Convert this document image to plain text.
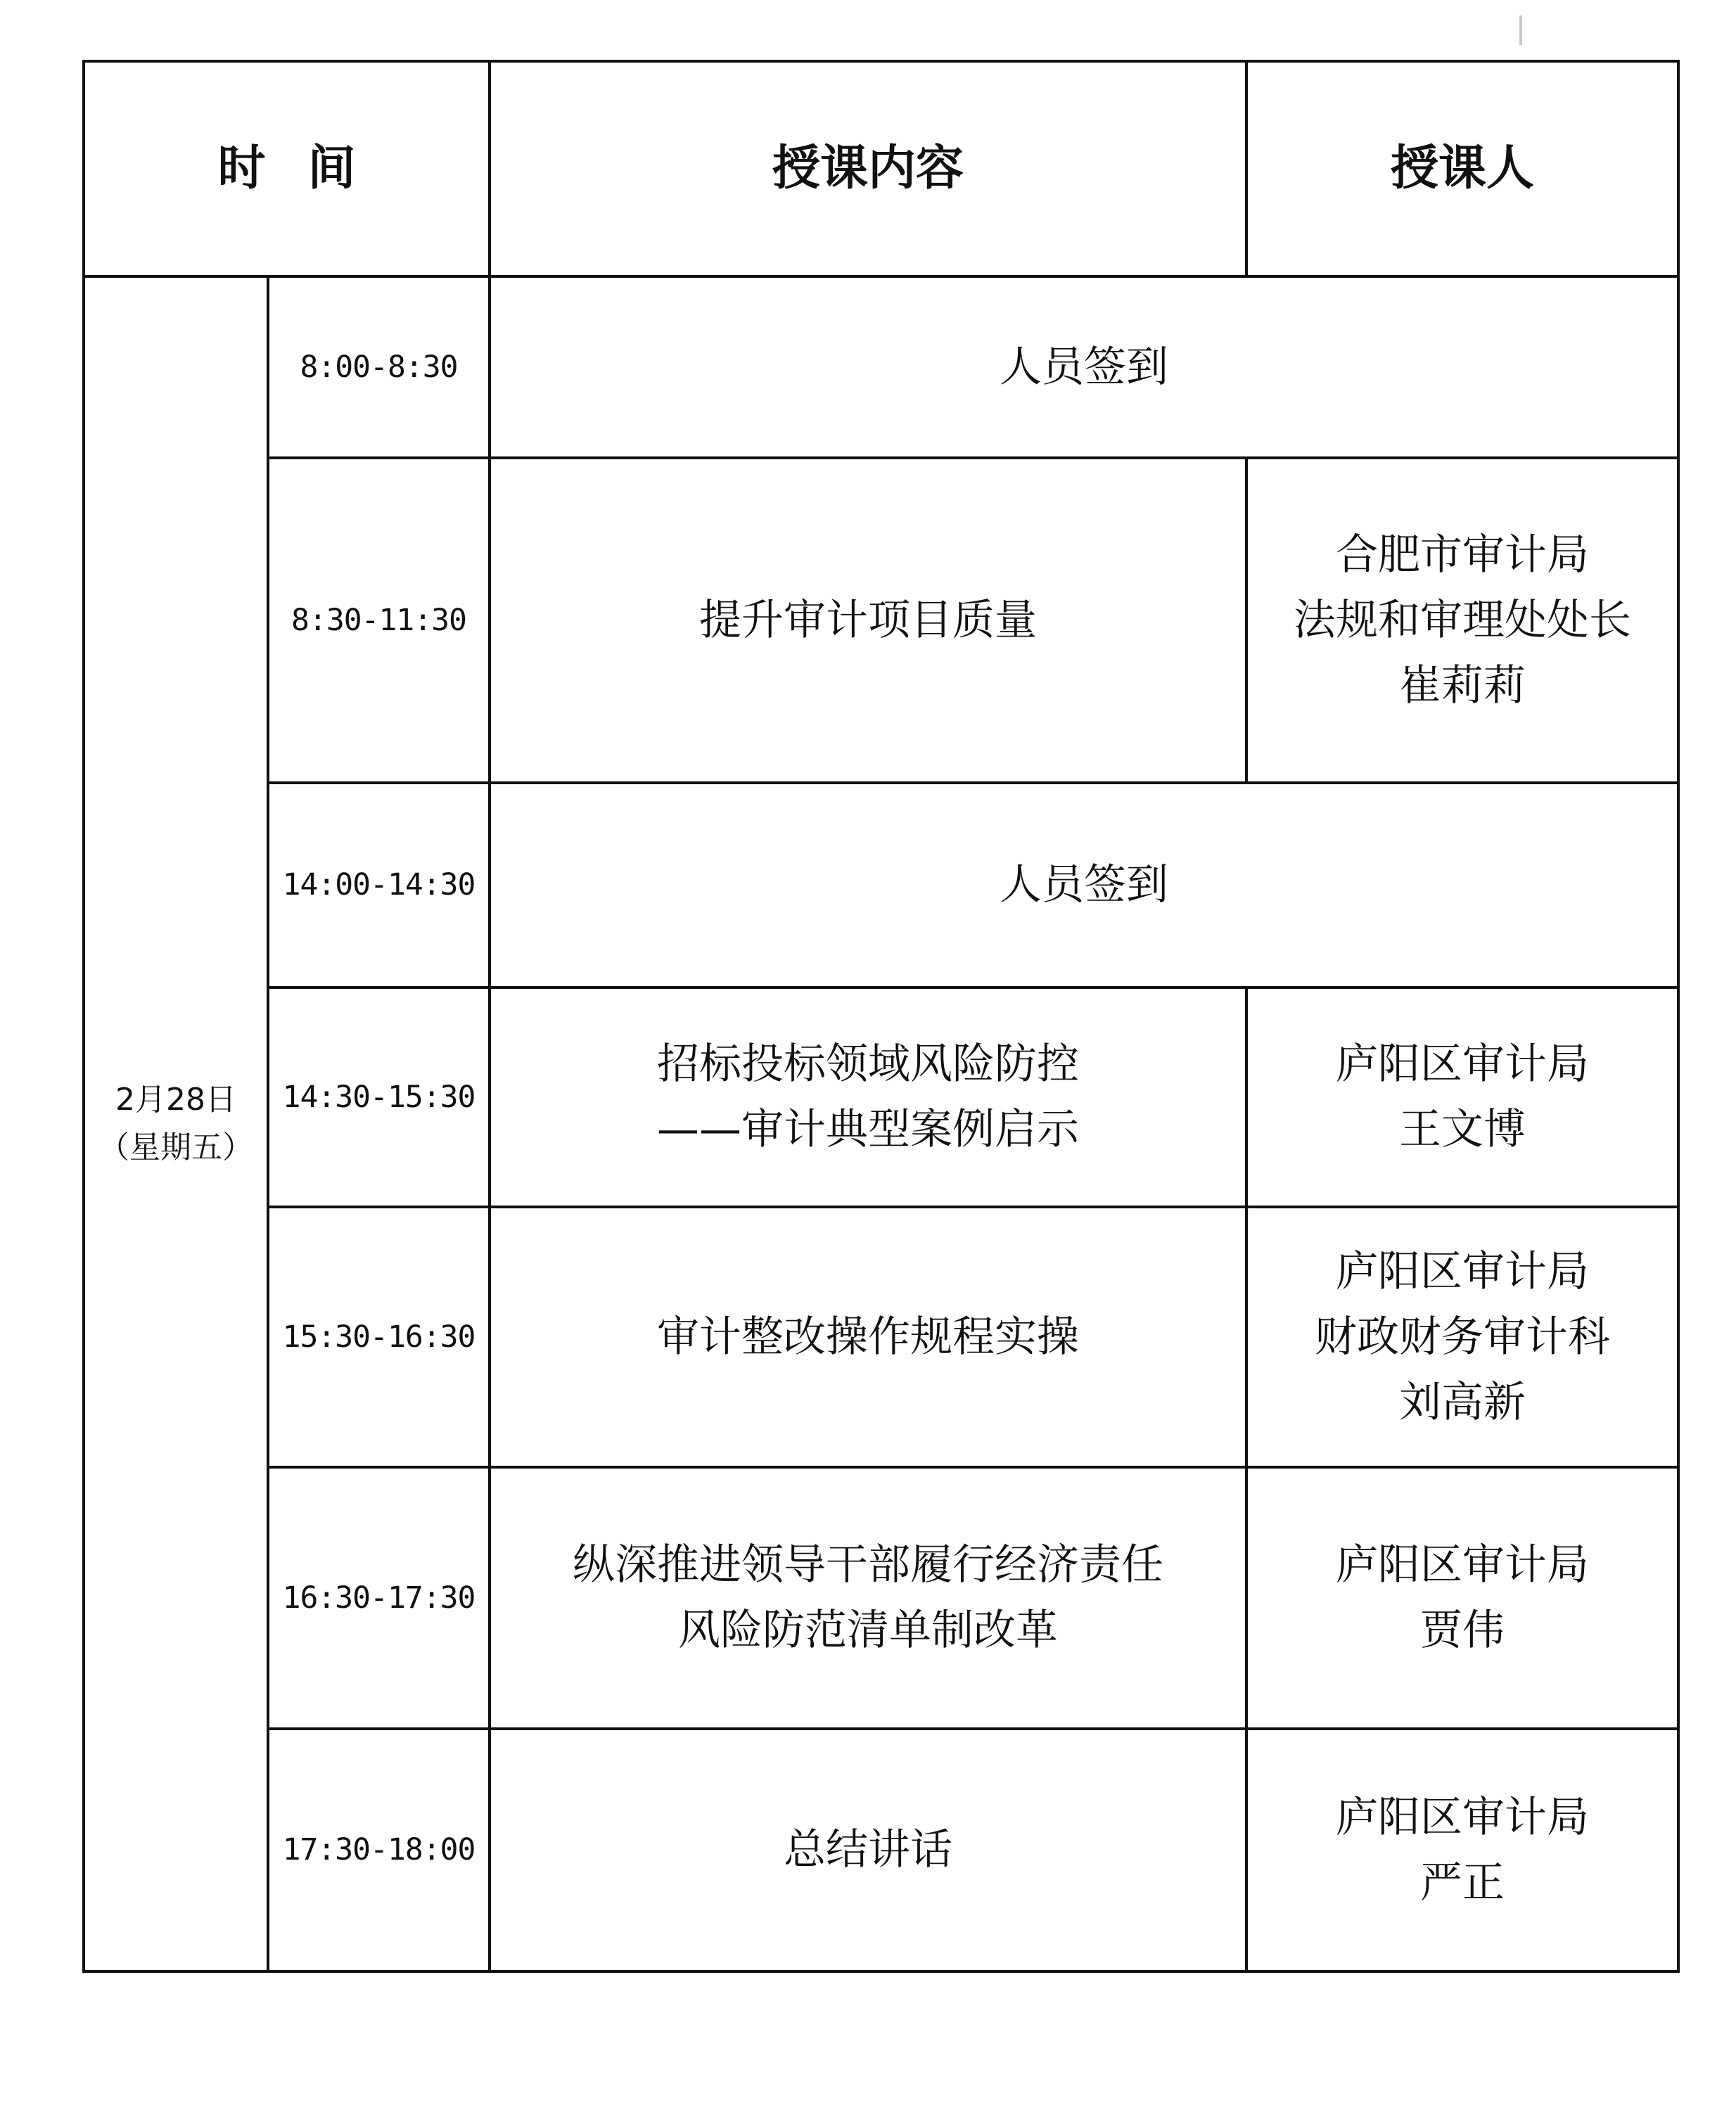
时间		授课内容	授课人

2月28日
（星期五）	8:00-8:30	人员签到	

	8:30-11:30	提升审计项目质量	合肥市审计局
法规和审理处处长
崔莉莉

	14:00-14:30	人员签到	

	14:30-15:30	招标投标领域风险防控
——审计典型案例启示	庐阳区审计局
王文博

	15:30-16:30	审计整改操作规程实操	庐阳区审计局
财政财务审计科
刘高新

	16:30-17:30	纵深推进领导干部履行经济责任
风险防范清单制改革	庐阳区审计局
贾伟

	17:30-18:00	总结讲话	庐阳区审计局
严正
